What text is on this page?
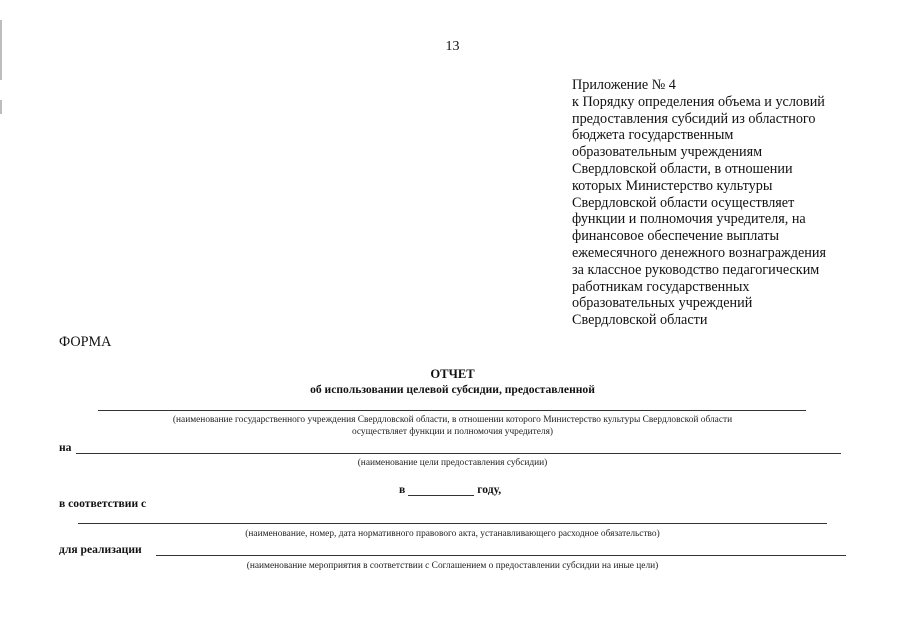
13
Приложение № 4
к Порядку определения объема и условий
предоставления субсидий из областного
бюджета государственным
образовательным учреждениям
Свердловской области, в отношении
которых Министерство культуры
Свердловской области осуществляет
функции и полномочия учредителя, на
финансовое обеспечение выплаты
ежемесячного денежного вознаграждения
за классное руководство педагогическим
работникам государственных
образовательных учреждений
Свердловской области
ФОРМА
ОТЧЕТ
об использовании целевой субсидии, предоставленной
(наименование государственного учреждения Свердловской области, в отношении которого Министерство культуры Свердловской области
осуществляет функции и полномочия учредителя)
на
(наименование цели предоставления субсидии)
в	году,
в соответствии с
(наименование, номер, дата нормативного правового акта, устанавливающего расходное обязательство)
для реализации
(наименование мероприятия в соответствии с Соглашением о предоставлении субсидии на иные цели)
